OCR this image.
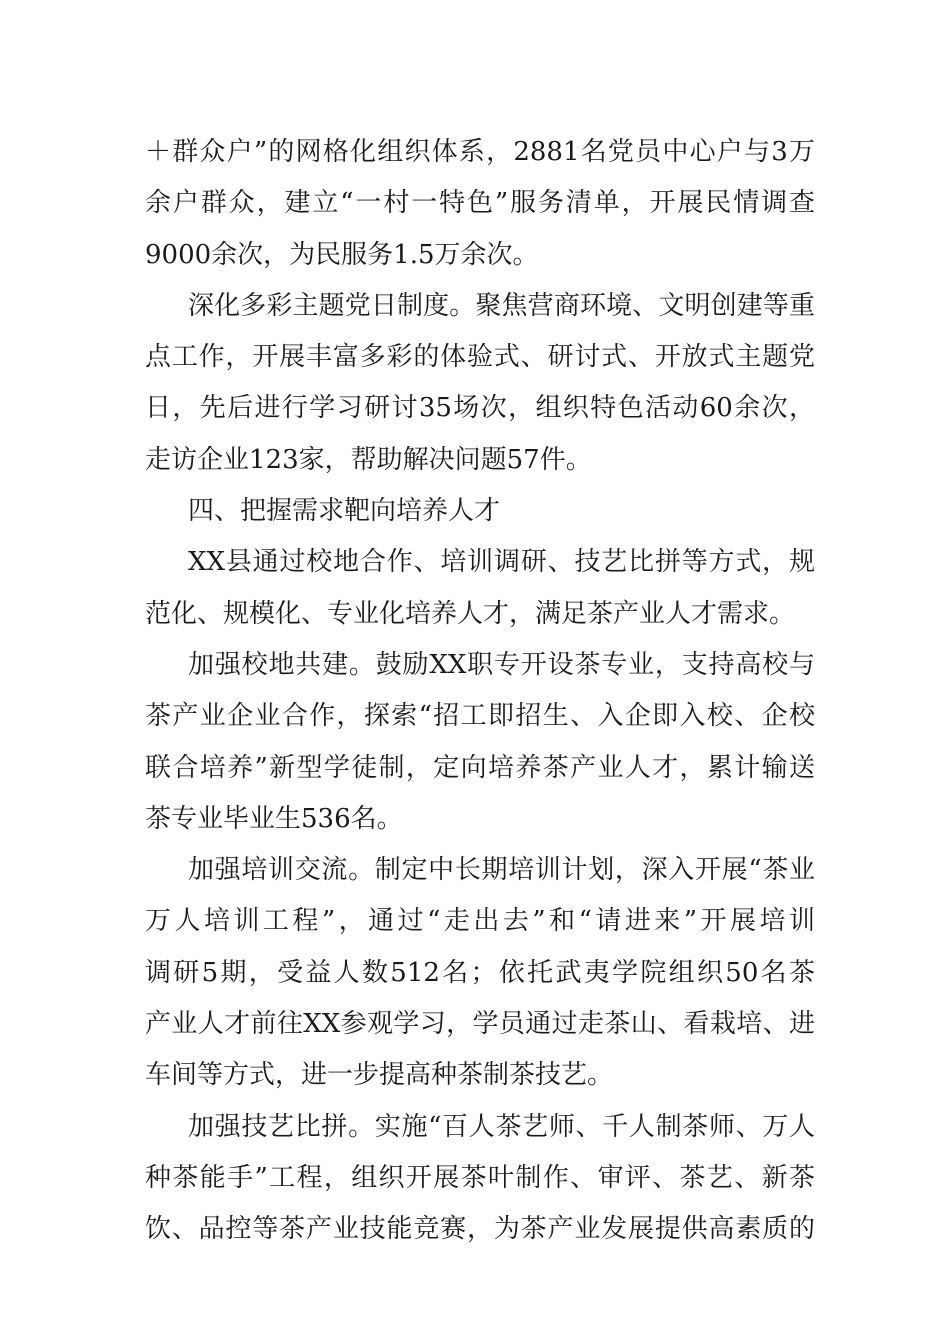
＋群众户”的网格化组织体系，2881名党员中心户与3万
余户群众，建立“一村一特色”服务清单，开展民情调查
9000余次，为民服务1.5万余次。
深化多彩主题党日制度。聚焦营商环境、文明创建等重
点工作，开展丰富多彩的体验式、研讨式、开放式主题党
日，先后进行学习研讨35场次，组织特色活动60余次，
走访企业123家，帮助解决问题57件。
四、把握需求靶向培养人才
XX县通过校地合作、培训调研、技艺比拼等方式，规
范化、规模化、专业化培养人才，满足茶产业人才需求。
加强校地共建。鼓励XX职专开设茶专业，支持高校与
茶产业企业合作，探索“招工即招生、入企即入校、企校
联合培养”新型学徒制，定向培养茶产业人才，累计输送
茶专业毕业生536名。
加强培训交流。制定中长期培训计划，深入开展“茶业
万人培训工程”，通过“走出去”和“请进来”开展培训
调研5期，受益人数512名；依托武夷学院组织50名茶
产业人才前往XX参观学习，学员通过走茶山、看栽培、进
车间等方式，进一步提高种茶制茶技艺。
加强技艺比拼。实施“百人茶艺师、千人制茶师、万人
种茶能手”工程，组织开展茶叶制作、审评、茶艺、新茶
饮、品控等茶产业技能竞赛，为茶产业发展提供高素质的
